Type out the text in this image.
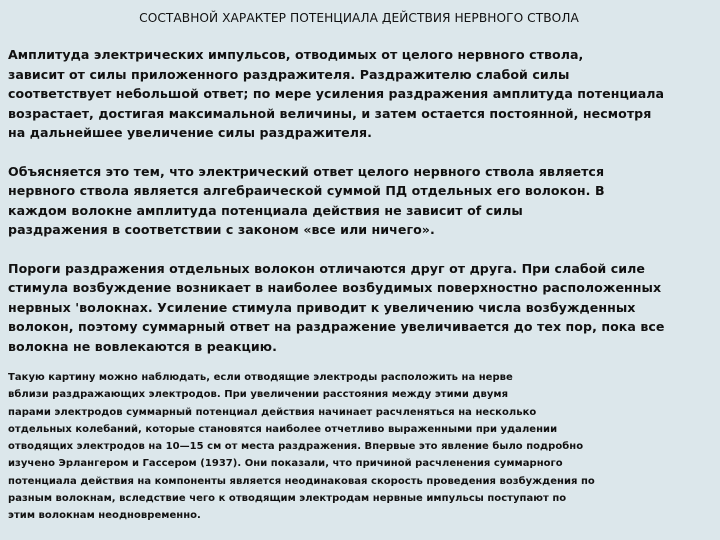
СОСТАВНОЙ ХАРАКТЕР ПОТЕНЦИАЛА ДЕЙСТВИЯ НЕРВНОГО СТВОЛА

Амплитуда электрических импульсов, отводимых от целого нервного ствола,
зависит от силы приложенного раздражителя. Раздражителю слабой силы
соответствует небольшой ответ; по мере усиления раздражения амплитуда потенциала
возрастает, достигая максимальной величины, и затем остается постоянной, несмотря
на дальнейшее увеличение силы раздражителя.

Объясняется это тем, что электрический ответ целого нервного ствола является
нервного ствола является алгебраической суммой ПД отдельных его волокон. В
каждом волокне амплитуда потенциала действия не зависит of силы
раздражения в соответствии с законом «все или ничего».

Пороги раздражения отдельных волокон отличаются друг от друга. При слабой силе
стимула возбуждение возникает в наиболее возбудимых поверхностно расположенных
нервных 'волокнах. Усиление стимула приводит к увеличению числа возбужденных
волокон, поэтому суммарный ответ на раздражение увеличивается до тех пор, пока все
волокна не вовлекаются в реакцию.

Такую картину можно наблюдать, если отводящие электроды расположить на нерве
вблизи раздражающих электродов. При увеличении расстояния между этими двумя
парами электродов суммарный потенциал действия начинает расчленяться на несколько
отдельных колебаний, которые становятся наиболее отчетливо выраженными при удалении
отводящих электродов на 10—15 см от места раздражения. Впервые это явление было подробно
изучено Эрлангером и Гассером (1937). Они показали, что причиной расчленения суммарного
потенциала действия на компоненты является неодинаковая скорость проведения возбуждения по
разным волокнам, вследствие чего к отводящим электродам нервные импульсы поступают по
этим волокнам неодновременно.
